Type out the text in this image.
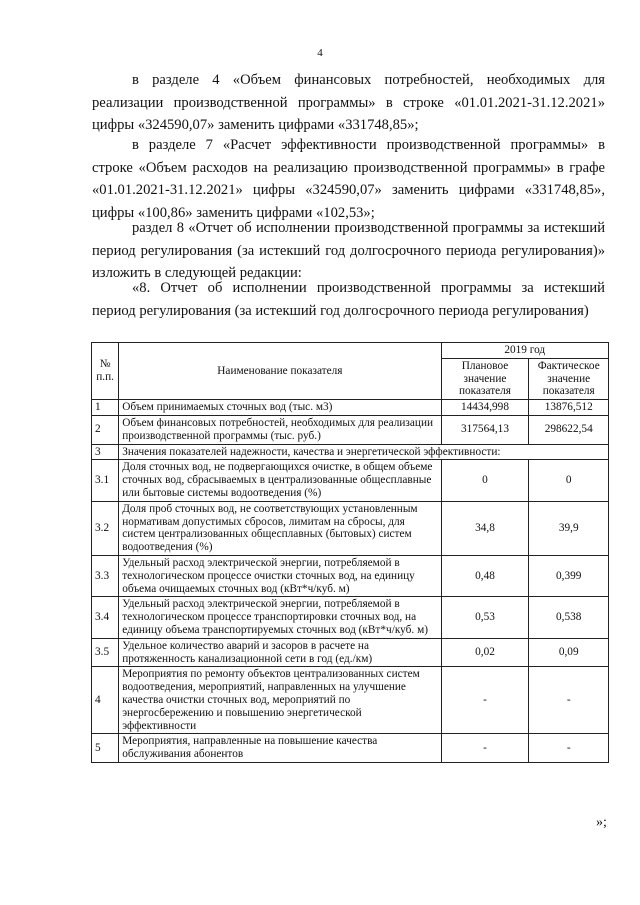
4

в разделе 4 «Объем финансовых потребностей, необходимых для реализации производственной программы» в строке «01.01.2021-31.12.2021» цифры «324590,07» заменить цифрами «331748,85»;

в разделе 7 «Расчет эффективности производственной программы» в строке «Объем расходов на реализацию производственной программы» в графе «01.01.2021-31.12.2021» цифры «324590,07» заменить цифрами «331748,85», цифры «100,86» заменить цифрами «102,53»;

раздел 8 «Отчет об исполнении производственной программы за истекший период регулирования (за истекший год долгосрочного периода регулирования)» изложить в следующей редакции:

«8. Отчет об исполнении производственной программы за истекший период регулирования (за истекший год долгосрочного периода регулирования)

№ п.п.	Наименование показателя	2019 год	
		Плановое значение показателя	Фактическое значение показателя
1	Объем принимаемых сточных вод (тыс. м3)	14434,998	13876,512
2	Объем финансовых потребностей, необходимых для реализации производственной программы (тыс. руб.)	317564,13	298622,54
3	Значения показателей надежности, качества и энергетической эффективности:		
3.1	Доля сточных вод, не подвергающихся очистке, в общем объеме сточных вод, сбрасываемых в централизованные общесплавные или бытовые системы водоотведения (%)	0	0
3.2	Доля проб сточных вод, не соответствующих установленным нормативам допустимых сбросов, лимитам на сбросы, для систем централизованных общесплавных (бытовых) систем водоотведения (%)	34,8	39,9
3.3	Удельный расход электрической энергии, потребляемой в технологическом процессе очистки сточных вод, на единицу объема очищаемых сточных вод (кВт*ч/куб. м)	0,48	0,399
3.4	Удельный расход электрической энергии, потребляемой в технологическом процессе транспортировки сточных вод, на единицу объема транспортируемых сточных вод (кВт*ч/куб. м)	0,53	0,538
3.5	Удельное количество аварий и засоров в расчете на протяженность канализационной сети в год (ед./км)	0,02	0,09
4	Мероприятия по ремонту объектов централизованных систем водоотведения, мероприятий, направленных на улучшение качества очистки сточных вод, мероприятий по энергосбережению и повышению энергетической эффективности	-	-
5	Мероприятия, направленные на повышение качества обслуживания абонентов	-	-
»;
